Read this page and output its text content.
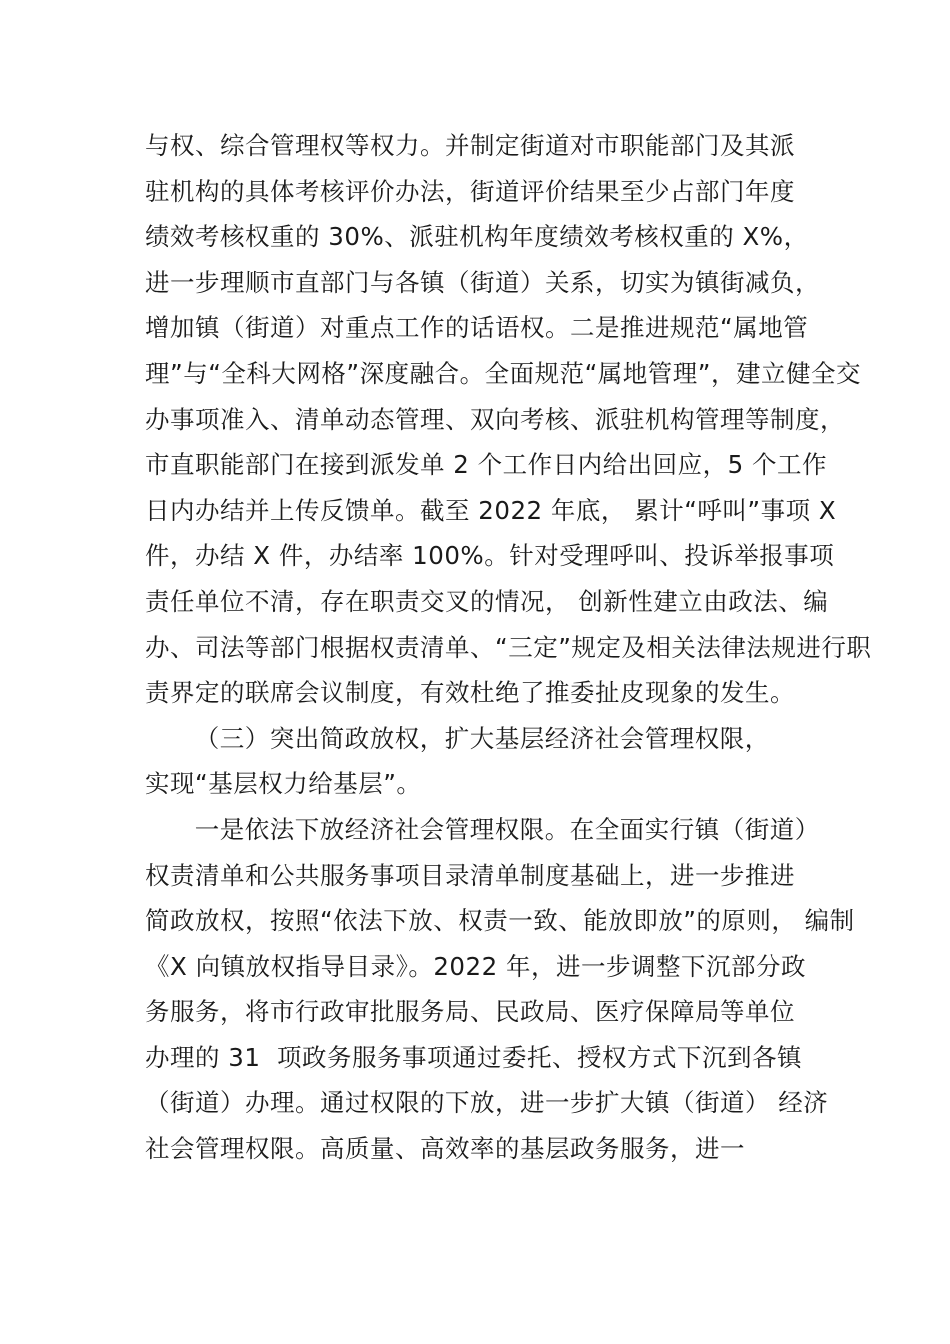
与权、综合管理权等权力。并制定街道对市职能部门及其派
驻机构的具体考核评价办法，街道评价结果至少占部门年度
绩效考核权重的 30%、派驻机构年度绩效考核权重的 X%，
进一步理顺市直部门与各镇（街道）关系，切实为镇街减负，
增加镇（街道）对重点工作的话语权。二是推进规范“属地管
理”与“全科大网格”深度融合。全面规范“属地管理”，建立健全交
办事项准入、清单动态管理、双向考核、派驻机构管理等制度，
市直职能部门在接到派发单 2 个工作日内给出回应，5 个工作
日内办结并上传反馈单。截至 2022 年底， 累计“呼叫”事项 X
件，办结 X 件，办结率 100%。针对受理呼叫、投诉举报事项
责任单位不清，存在职责交叉的情况， 创新性建立由政法、编
办、司法等部门根据权责清单、“三定”规定及相关法律法规进行职
责界定的联席会议制度，有效杜绝了推委扯皮现象的发生。
（三）突出简政放权，扩大基层经济社会管理权限，
实现“基层权力给基层”。
一是依法下放经济社会管理权限。在全面实行镇（街道）
权责清单和公共服务事项目录清单制度基础上，进一步推进
简政放权，按照“依法下放、权责一致、能放即放”的原则， 编制
《X 向镇放权指导目录》。2022 年，进一步调整下沉部分政
务服务，将市行政审批服务局、民政局、医疗保障局等单位
办理的 31  项政务服务事项通过委托、授权方式下沉到各镇
（街道）办理。通过权限的下放，进一步扩大镇（街道） 经济
社会管理权限。高质量、高效率的基层政务服务，进一
